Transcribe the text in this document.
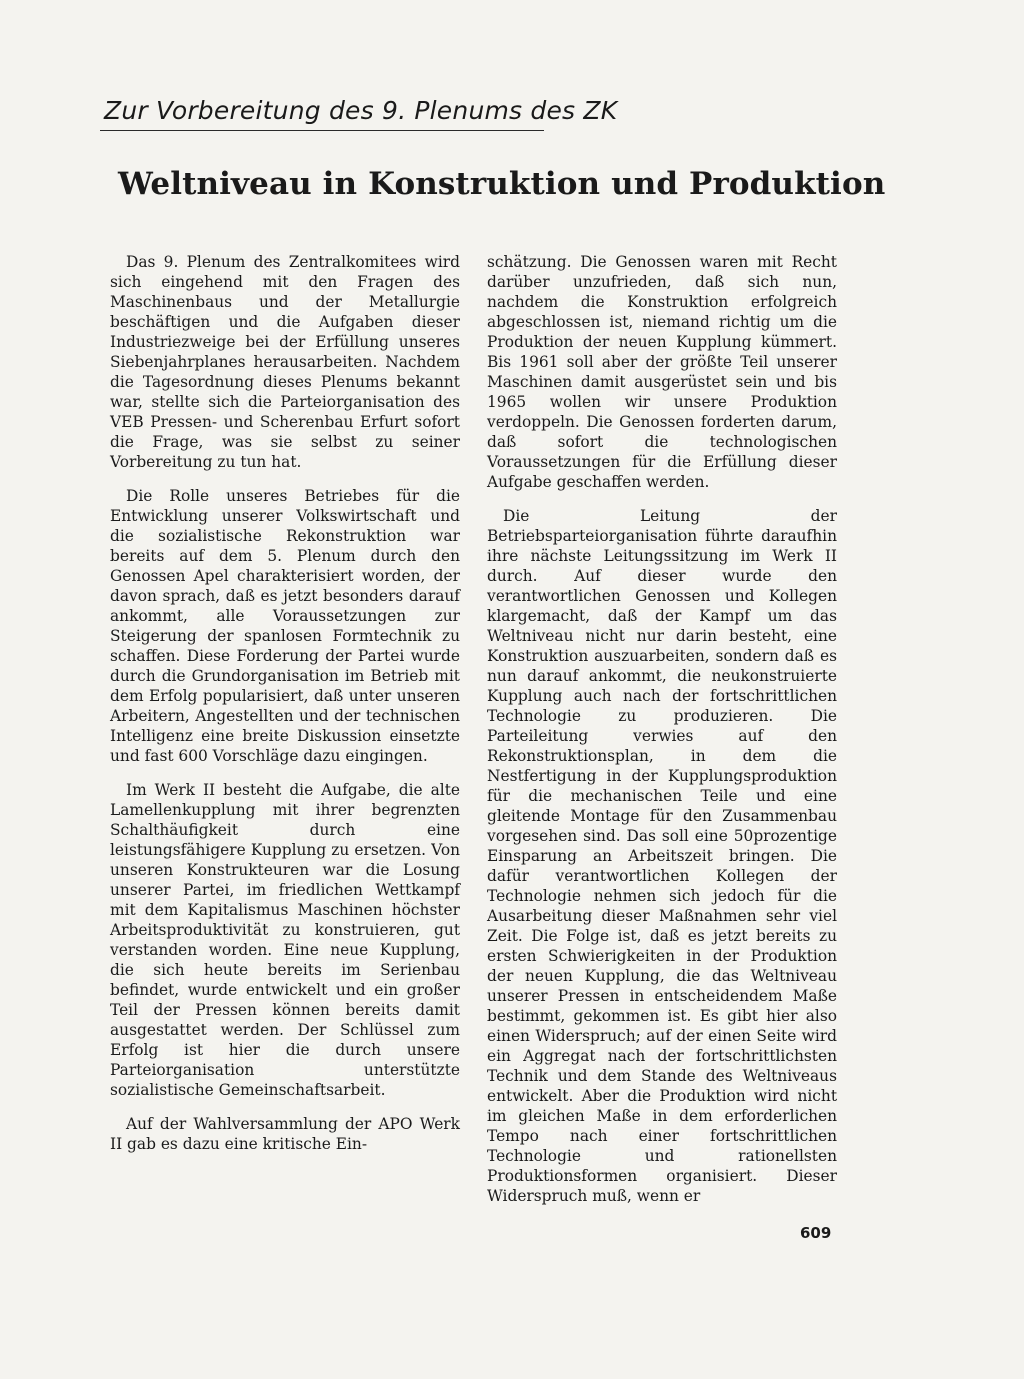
Zur Vorbereitung des 9. Plenums des ZK
Weltniveau in Konstruktion und Produktion

Das 9. Plenum des Zentralkomitees wird sich eingehend mit den Fragen des Maschinenbaus und der Metallurgie beschäftigen und die Aufgaben dieser Industriezweige bei der Erfüllung unseres Siebenjahrplanes herausarbeiten. Nachdem die Tagesordnung dieses Plenums bekannt war, stellte sich die Parteiorganisation des VEB Pressen- und Scherenbau Erfurt sofort die Frage, was sie selbst zu seiner Vorbereitung zu tun hat.

Die Rolle unseres Betriebes für die Entwicklung unserer Volkswirtschaft und die sozialistische Rekonstruktion war bereits auf dem 5. Plenum durch den Genossen Apel charakterisiert worden, der davon sprach, daß es jetzt besonders darauf ankommt, alle Voraussetzungen zur Steigerung der spanlosen Formtechnik zu schaffen. Diese Forderung der Partei wurde durch die Grundorganisation im Betrieb mit dem Erfolg popularisiert, daß unter unseren Arbeitern, Angestellten und der technischen Intelligenz eine breite Diskussion einsetzte und fast 600 Vorschläge dazu eingingen.

Im Werk II besteht die Aufgabe, die alte Lamellenkupplung mit ihrer begrenzten Schalthäufigkeit durch eine leistungsfähigere Kupplung zu ersetzen. Von unseren Konstrukteuren war die Losung unserer Partei, im friedlichen Wettkampf mit dem Kapitalismus Maschinen höchster Arbeitsproduktivität zu konstruieren, gut verstanden worden. Eine neue Kupplung, die sich heute bereits im Serienbau befindet, wurde entwickelt und ein großer Teil der Pressen können bereits damit ausgestattet werden. Der Schlüssel zum Erfolg ist hier die durch unsere Parteiorganisation unterstützte sozialistische Gemeinschaftsarbeit.

Auf der Wahlversammlung der APO Werk II gab es dazu eine kritische Ein-

schätzung. Die Genossen waren mit Recht darüber unzufrieden, daß sich nun, nachdem die Konstruktion erfolgreich abgeschlossen ist, niemand richtig um die Produktion der neuen Kupplung kümmert. Bis 1961 soll aber der größte Teil unserer Maschinen damit ausgerüstet sein und bis 1965 wollen wir unsere Produktion verdoppeln. Die Genossen forderten darum, daß sofort die technologischen Voraussetzungen für die Erfüllung dieser Aufgabe geschaffen werden.

Die Leitung der Betriebsparteiorganisation führte daraufhin ihre nächste Leitungssitzung im Werk II durch. Auf dieser wurde den verantwortlichen Genossen und Kollegen klargemacht, daß der Kampf um das Weltniveau nicht nur darin besteht, eine Konstruktion auszuarbeiten, sondern daß es nun darauf ankommt, die neukonstruierte Kupplung auch nach der fortschrittlichen Technologie zu produzieren. Die Parteileitung verwies auf den Rekonstruktionsplan, in dem die Nestfertigung in der Kupplungsproduktion für die mechanischen Teile und eine gleitende Montage für den Zusammenbau vorgesehen sind. Das soll eine 50prozentige Einsparung an Arbeitszeit bringen. Die dafür verantwortlichen Kollegen der Technologie nehmen sich jedoch für die Ausarbeitung dieser Maßnahmen sehr viel Zeit. Die Folge ist, daß es jetzt bereits zu ersten Schwierigkeiten in der Produktion der neuen Kupplung, die das Weltniveau unserer Pressen in entscheidendem Maße bestimmt, gekommen ist. Es gibt hier also einen Widerspruch; auf der einen Seite wird ein Aggregat nach der fortschrittlichsten Technik und dem Stande des Weltniveaus entwickelt. Aber die Produktion wird nicht im gleichen Maße in dem erforderlichen Tempo nach einer fortschrittlichen Technologie und rationellsten Produktionsformen organisiert. Dieser Widerspruch muß, wenn er

609
